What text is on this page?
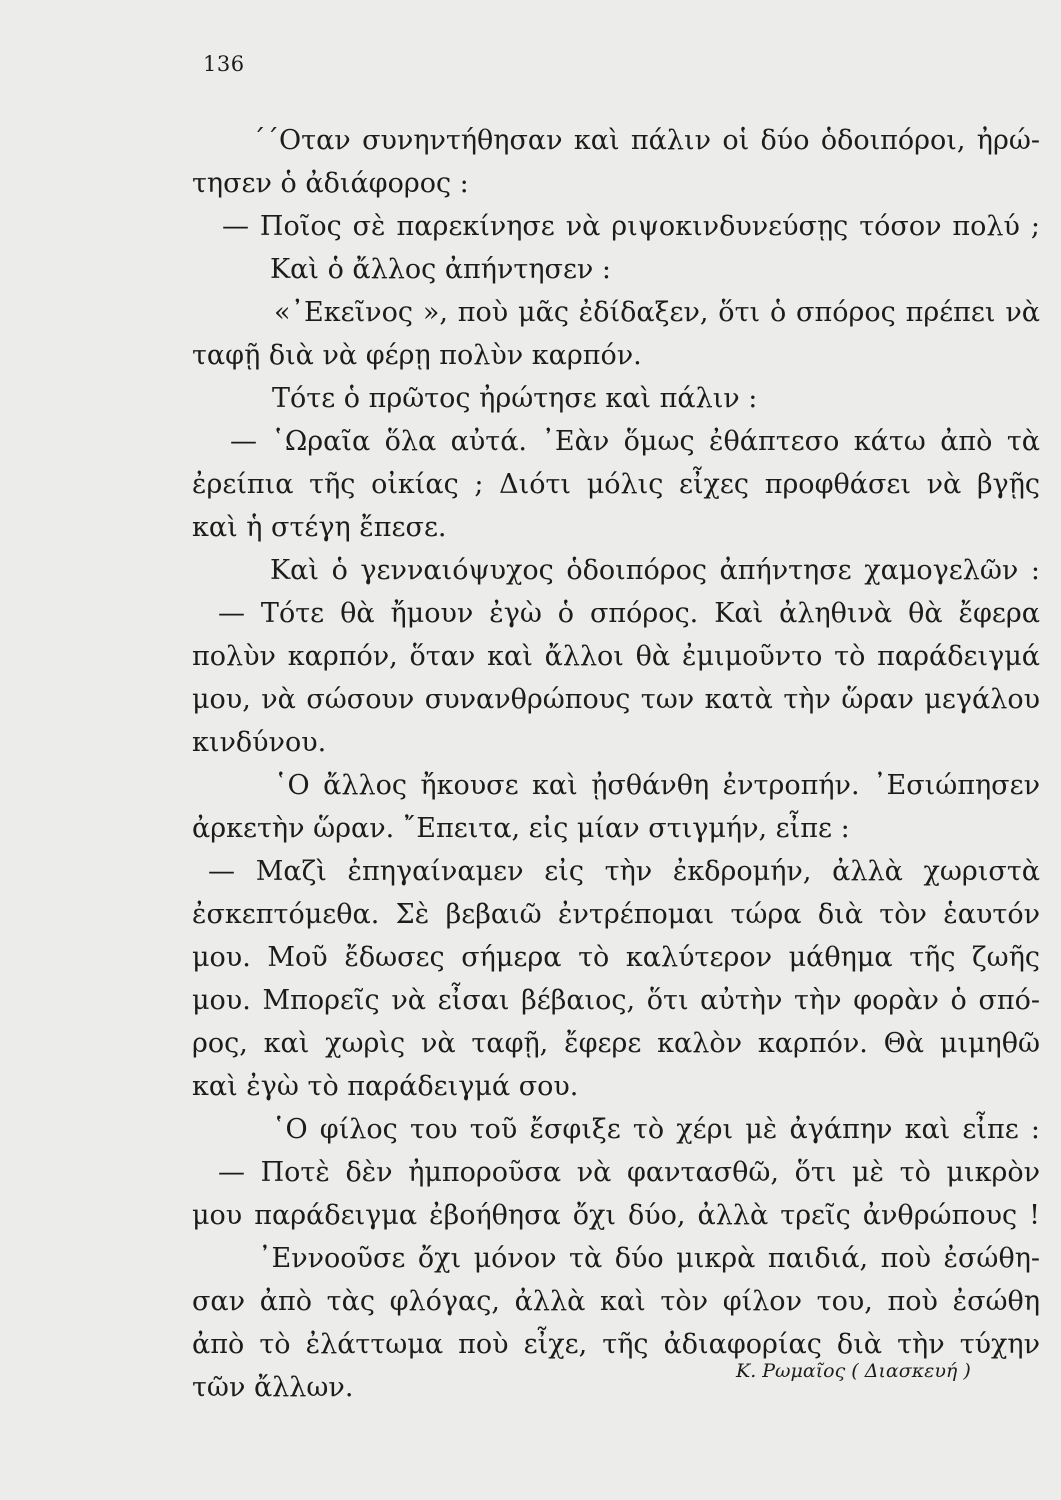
136
΄΄Οταν συνηντήθησαν καὶ πάλιν οἱ δύο ὁδοιπόροι, ἠρώ-
τησεν ὁ ἀδιάφορος :
— Ποῖος σὲ παρεκίνησε νὰ ριψοκινδυνεύσῃς τόσον πολύ ;
Καὶ ὁ ἄλλος ἀπήντησεν :
«᾿Εκεῖνος », ποὺ μᾶς ἐδίδαξεν, ὅτι ὁ σπόρος πρέπει νὰ
ταφῇ διὰ νὰ φέρῃ πολὺν καρπόν.
Τότε ὁ πρῶτος ἠρώτησε καὶ πάλιν :
— ῾Ωραῖα ὅλα αὐτά. ᾿Εὰν ὅμως ἐθάπτεσο κάτω ἀπὸ τὰ
ἐρείπια τῆς οἰκίας ; Διότι μόλις εἶχες προφθάσει νὰ βγῇς
καὶ ἡ στέγη ἔπεσε.
Καὶ ὁ γενναιόψυχος ὁδοιπόρος ἀπήντησε χαμογελῶν :
— Τότε θὰ ἤμουν ἐγὼ ὁ σπόρος. Καὶ ἀληθινὰ θὰ ἔφερα
πολὺν καρπόν, ὅταν καὶ ἄλλοι θὰ ἐμιμοῦντο τὸ παράδειγμά
μου, νὰ σώσουν συνανθρώπους των κατὰ τὴν ὥραν μεγάλου
κινδύνου.
῾Ο ἄλλος ἤκουσε καὶ ᾐσθάνθη ἐντροπήν. ᾿Εσιώπησεν
ἀρκετὴν ὥραν. ῎Επειτα, εἰς μίαν στιγμήν, εἶπε :
— Μαζὶ ἐπηγαίναμεν εἰς τὴν ἐκδρομήν, ἀλλὰ χωριστὰ
ἐσκεπτόμεθα. Σὲ βεβαιῶ ἐντρέπομαι τώρα διὰ τὸν ἑαυτόν
μου. Μοῦ ἔδωσες σήμερα τὸ καλύτερον μάθημα τῆς ζωῆς
μου. Μπορεῖς νὰ εἶσαι βέβαιος, ὅτι αὐτὴν τὴν φορὰν ὁ σπό-
ρος, καὶ χωρὶς νὰ ταφῇ, ἔφερε καλὸν καρπόν. Θὰ μιμηθῶ
καὶ ἐγὼ τὸ παράδειγμά σου.
῾Ο φίλος του τοῦ ἔσφιξε τὸ χέρι μὲ ἀγάπην καὶ εἶπε :
— Ποτὲ δὲν ἠμποροῦσα νὰ φαντασθῶ, ὅτι μὲ τὸ μικρὸν
μου παράδειγμα ἐβοήθησα ὄχι δύο, ἀλλὰ τρεῖς ἀνθρώπους !
᾿Εννοοῦσε ὄχι μόνον τὰ δύο μικρὰ παιδιά, ποὺ ἐσώθη-
σαν ἀπὸ τὰς φλόγας, ἀλλὰ καὶ τὸν φίλον του, ποὺ ἐσώθη
ἀπὸ τὸ ἐλάττωμα ποὺ εἶχε, τῆς ἀδιαφορίας διὰ τὴν τύχην
τῶν ἄλλων.
Κ. Ρωμαῖος ( Διασκευή )
